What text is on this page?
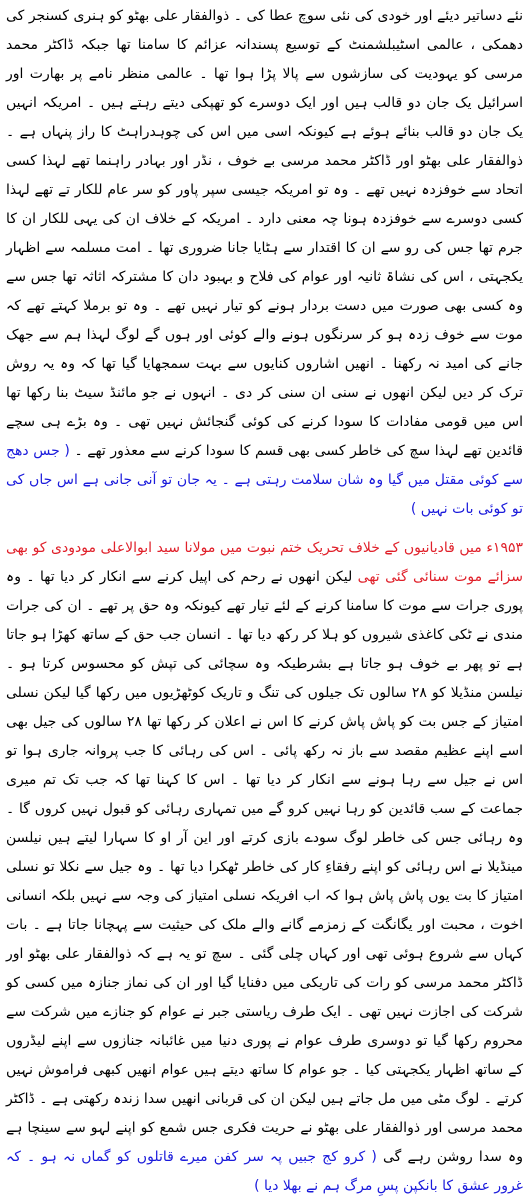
نئے دساتیر دیئے اور خودی کی نئی سوچ عطا کی ۔ ذوالفقار علی بھٹو کو ہنری کسنجر کی دھمکی ، عالمی اسٹیبلشمنٹ کے توسیع پسندانہ عزائم کا سامنا تھا جبکہ ڈاکٹر محمد مرسی کو یہودیت کی سازشوں سے پالا پڑا ہوا تھا ۔ عالمی منظر نامے پر بھارت اور اسرائیل یک جان دو قالب ہیں اور ایک دوسرے کو تھپکی دیتے رہتے ہیں ۔ امریکہ انہیں یک جان دو قالب بنائے ہوئے ہے کیونکہ اسی میں اس کی چوہدراہٹ کا راز پنہاں ہے ۔ ذوالفقار علی بھٹو اور ڈاکٹر محمد مرسی بے خوف ، نڈر اور بہادر راہنما تھے لہذا کسی اتحاد سے خوفزدہ نہیں تھے ۔ وہ تو امریکہ جیسی سپر پاور کو سر عام للکار تے تھے لہذا کسی دوسرے سے خوفزدہ ہونا چہ معنی دارد ۔ امریکہ کے خلاف ان کی یہی للکار ان کا جرم تھا جس کی رو سے ان کا اقتدار سے ہٹایا جانا ضروری تھا ۔ امت مسلمہ سے اظہار یکجہتی ، اس کی نشاۃ ثانیہ اور عوام کی فلاح و بہبود دان کا مشترکہ اثاثہ تھا جس سے وہ کسی بھی صورت میں دست بردار ہونے کو تیار نہیں تھے ۔ وہ تو برملا کہتے تھے کہ موت سے خوف زدہ ہو کر سرنگوں ہونے والے کوئی اور ہوں گے لوگ لہذا ہم سے جھک جانے کی امید نہ رکھنا ۔ انھیں اشاروں کنایوں سے بہت سمجھایا گیا تھا کہ وہ یہ روش ترک کر دیں لیکن انھوں نے سنی ان سنی کر دی ۔ انہوں نے جو مائنڈ سیٹ بنا رکھا تھا اس میں قومی مفادات کا سودا کرنے کی کوئی گنجائش نہیں تھی ۔ وہ بڑے ہی سچے قائدین تھے لہذا سچ کی خاطر کسی بھی قسم کا سودا کرنے سے معذور تھے ۔ ( جس دھج سے کوئی مقتل میں گیا وہ شان سلامت رہتی ہے ۔ یہ جان تو آنی جانی ہے اس جاں کی تو کوئی بات نہیں )

۱۹۵۳ء میں قادیانیوں کے خلاف تحریک ختم نبوت میں مولانا سید ابوالاعلی مودودی کو بھی سزائے موت سنائی گئی تھی لیکن انھوں نے رحم کی اپیل کرنے سے انکار کر دیا تھا ۔ وہ پوری جرات سے موت کا سامنا کرنے کے لئے تیار تھے کیونکہ وہ حق پر تھے ۔ ان کی جرات مندی نے ٹکی کاغذی شیروں کو ہلا کر رکھ دیا تھا ۔ انسان جب حق کے ساتھ کھڑا ہو جاتا ہے تو پھر بے خوف ہو جاتا ہے بشرطیکہ وہ سچائی کی تپش کو محسوس کرتا ہو ۔ نیلسن منڈیلا کو ۲۸ سالوں تک جیلوں کی تنگ و تاریک کوٹھڑیوں میں رکھا گیا لیکن نسلی امتیاز کے جس بت کو پاش پاش کرنے کا اس نے اعلان کر رکھا تھا ۲۸ سالوں کی جیل بھی اسے اپنے عظیم مقصد سے باز نہ رکھ پائی ۔ اس کی رہائی کا جب پروانہ جاری ہوا تو اس نے جیل سے رہا ہونے سے انکار کر دیا تھا ۔ اس کا کہنا تھا کہ جب تک تم میری جماعت کے سب قائدین کو رہا نہیں کرو گے میں تمہاری رہائی کو قبول نہیں کروں گا ۔ وہ رہائی جس کی خاطر لوگ سودے بازی کرتے اور این آر او کا سہارا لیتے ہیں نیلسن مینڈیلا نے اس رہائی کو اپنے رفقاءِ کار کی خاطر ٹھکرا دیا تھا ۔ وہ جیل سے نکلا تو نسلی امتیاز کا بت یوں پاش پاش ہوا کہ اب افریکہ نسلی امتیاز کی وجہ سے نہیں بلکہ انسانی اخوت ، محبت اور یگانگت کے زمزمے گانے والے ملک کی حیثیت سے پہچانا جاتا ہے ۔ بات کہاں سے شروع ہوئی تھی اور کہاں چلی گئی ۔ سچ تو یہ ہے کہ ذوالفقار علی بھٹو اور ڈاکٹر محمد مرسی کو رات کی تاریکی میں دفنایا گیا اور ان کی نماز جنازہ میں کسی کو شرکت کی اجازت نہیں تھی ۔ ایک طرف ریاستی جبر نے عوام کو جنازے میں شرکت سے محروم رکھا گیا تو دوسری طرف عوام نے پوری دنیا میں غائبانہ جنازوں سے اپنے لیڈروں کے ساتھ اظہار یکجہتی کیا ۔ جو عوام کا ساتھ دیتے ہیں عوام انھیں کبھی فراموش نہیں کرتے ۔ لوگ مٹی میں مل جاتے ہیں لیکن ان کی قربانی انھیں سدا زندہ رکھتی ہے ۔ ڈاکٹر محمد مرسی اور ذوالفقار علی بھٹو نے حریت فکری جس شمع کو اپنے لہو سے سینچا ہے وہ سدا روشن رہے گی ( کرو کج جبیں پہ سر کفن میرے قاتلوں کو گماں نہ ہو ۔ کہ غرور عشق کا بانکپن پسِ مرگ ہم نے بھلا دیا )
